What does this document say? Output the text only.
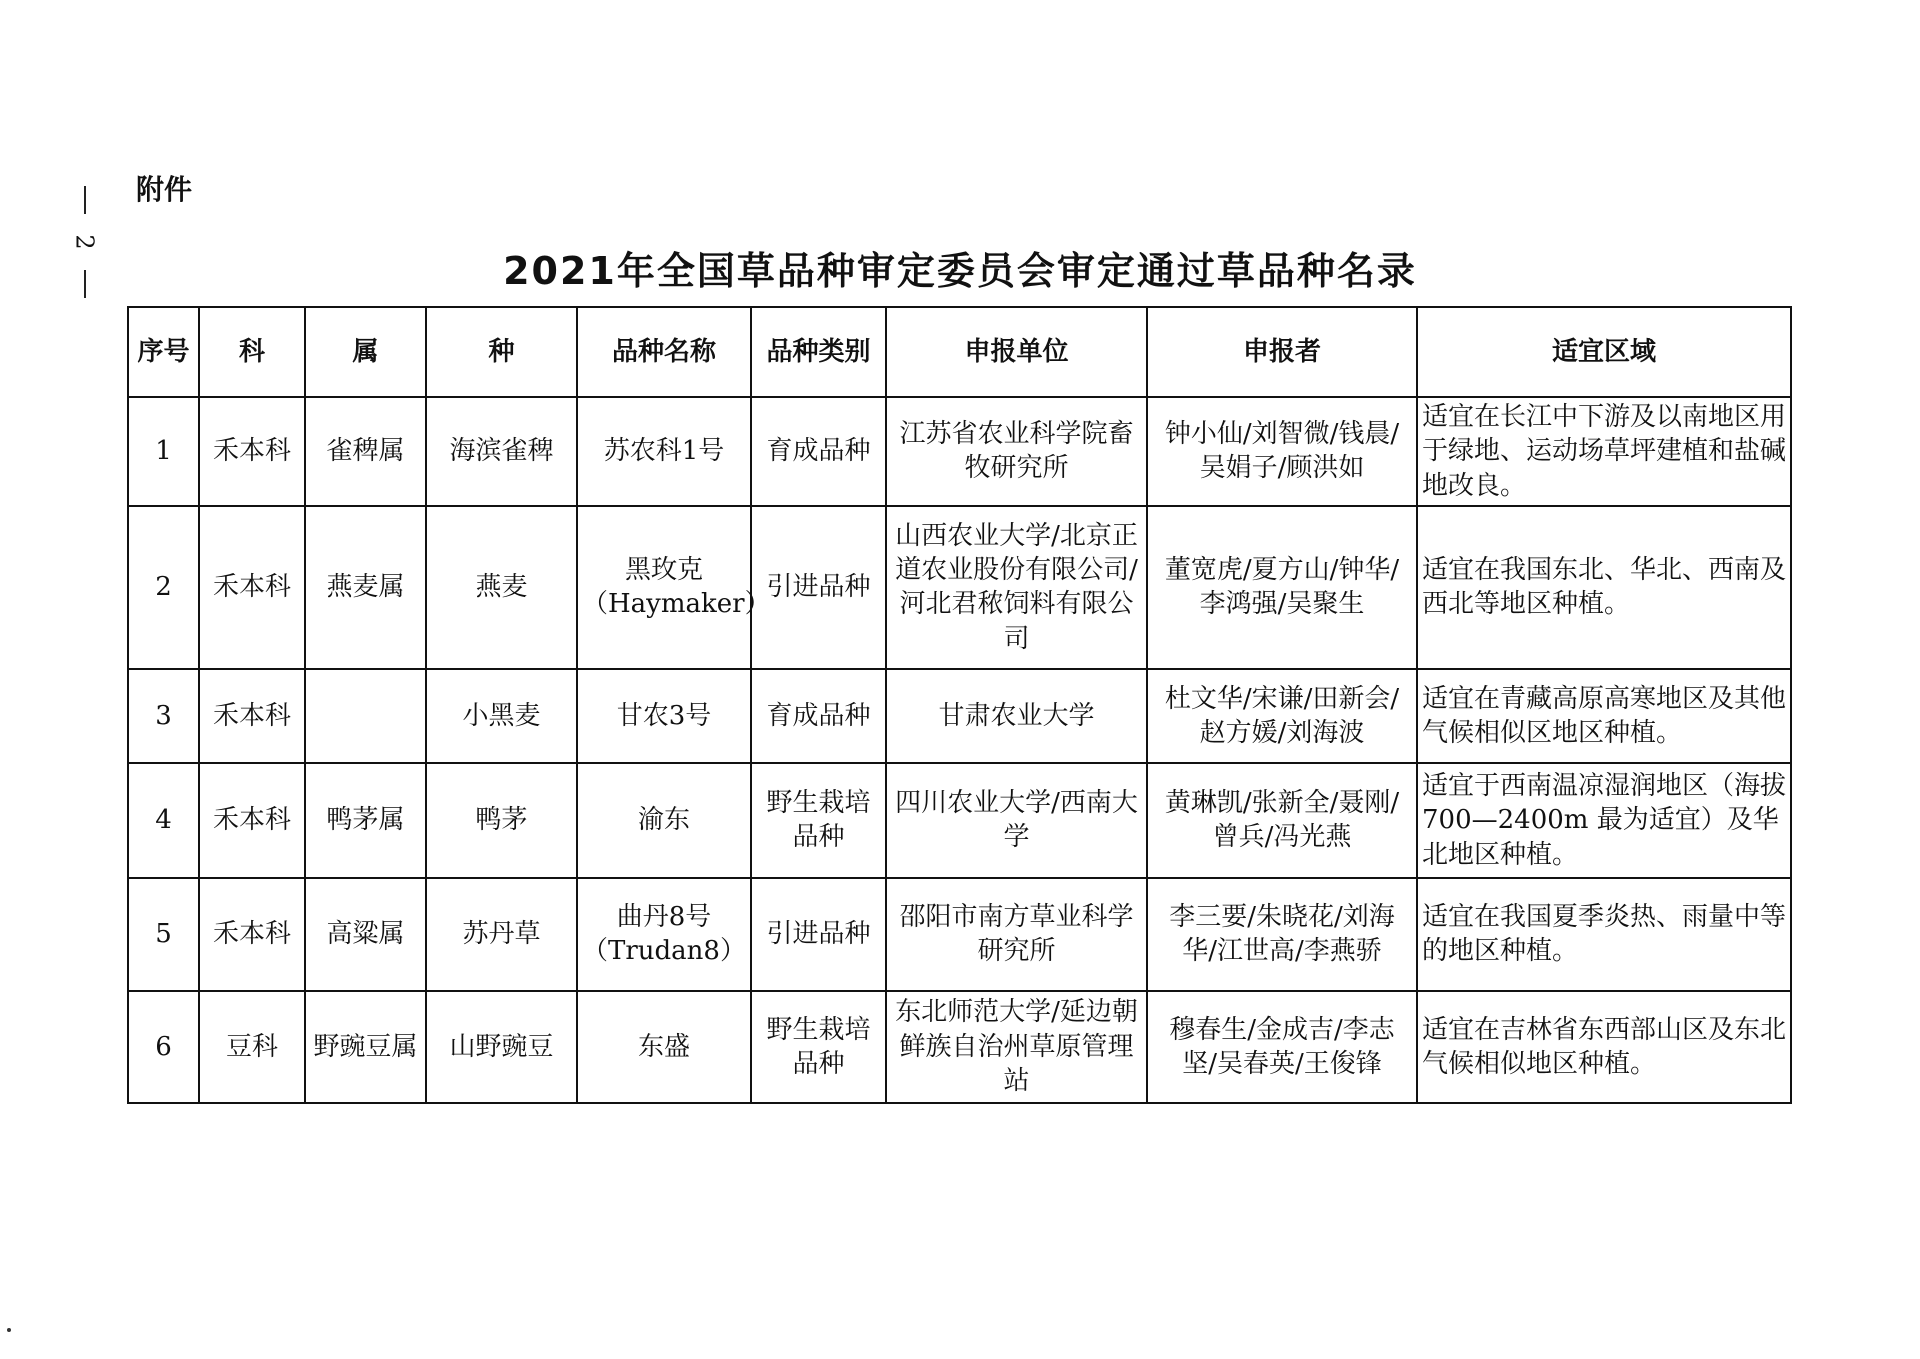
2
附件
2021年全国草品种审定委员会审定通过草品种名录
序号	科	属	种	品种名称	品种类别	申报单位	申报者	适宜区域
1	禾本科	雀稗属	海滨雀稗	苏农科1号	育成品种	江苏省农业科学院畜牧研究所	钟小仙/刘智微/钱晨/吴娟子/顾洪如	适宜在长江中下游及以南地区用于绿地、运动场草坪建植和盐碱地改良。
2	禾本科	燕麦属	燕麦	黑玫克（Haymaker）	引进品种	山西农业大学/北京正道农业股份有限公司/河北君秾饲料有限公司	董宽虎/夏方山/钟华/李鸿强/吴聚生	适宜在我国东北、华北、西南及西北等地区种植。
3	禾本科		小黑麦	甘农3号	育成品种	甘肃农业大学	杜文华/宋谦/田新会/赵方媛/刘海波	适宜在青藏高原高寒地区及其他气候相似区地区种植。
4	禾本科	鸭茅属	鸭茅	渝东	野生栽培品种	四川农业大学/西南大学	黄琳凯/张新全/聂刚/曾兵/冯光燕	适宜于西南温凉湿润地区（海拔 700—2400m 最为适宜）及华北地区种植。
5	禾本科	高粱属	苏丹草	曲丹8号（Trudan8）	引进品种	邵阳市南方草业科学研究所	李三要/朱晓花/刘海华/江世高/李燕骄	适宜在我国夏季炎热、雨量中等的地区种植。
6	豆科	野豌豆属	山野豌豆	东盛	野生栽培品种	东北师范大学/延边朝鲜族自治州草原管理站	穆春生/金成吉/李志坚/吴春英/王俊锋	适宜在吉林省东西部山区及东北气候相似地区种植。
